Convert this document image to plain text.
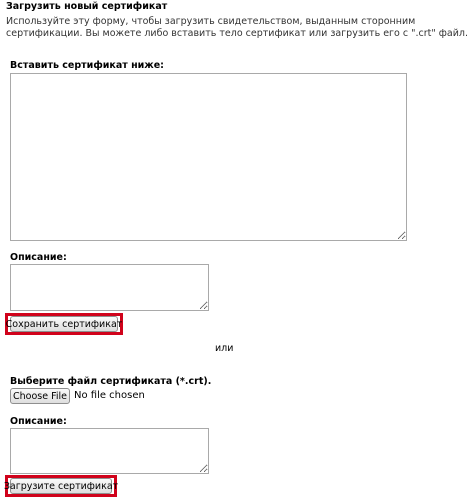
Загрузить новый сертификат
Используйте эту форму, чтобы загрузить свидетельством, выданным сторонним сертификации. Вы можете либо вставить тело сертификат или загрузить его с ".crt" файл.
Вставить сертификат ниже:
Описание:
Сохранить сертификат
или
Выберите файл сертификата (*.crt).
Choose File No file chosen
Описание:
Загрузите сертификат
